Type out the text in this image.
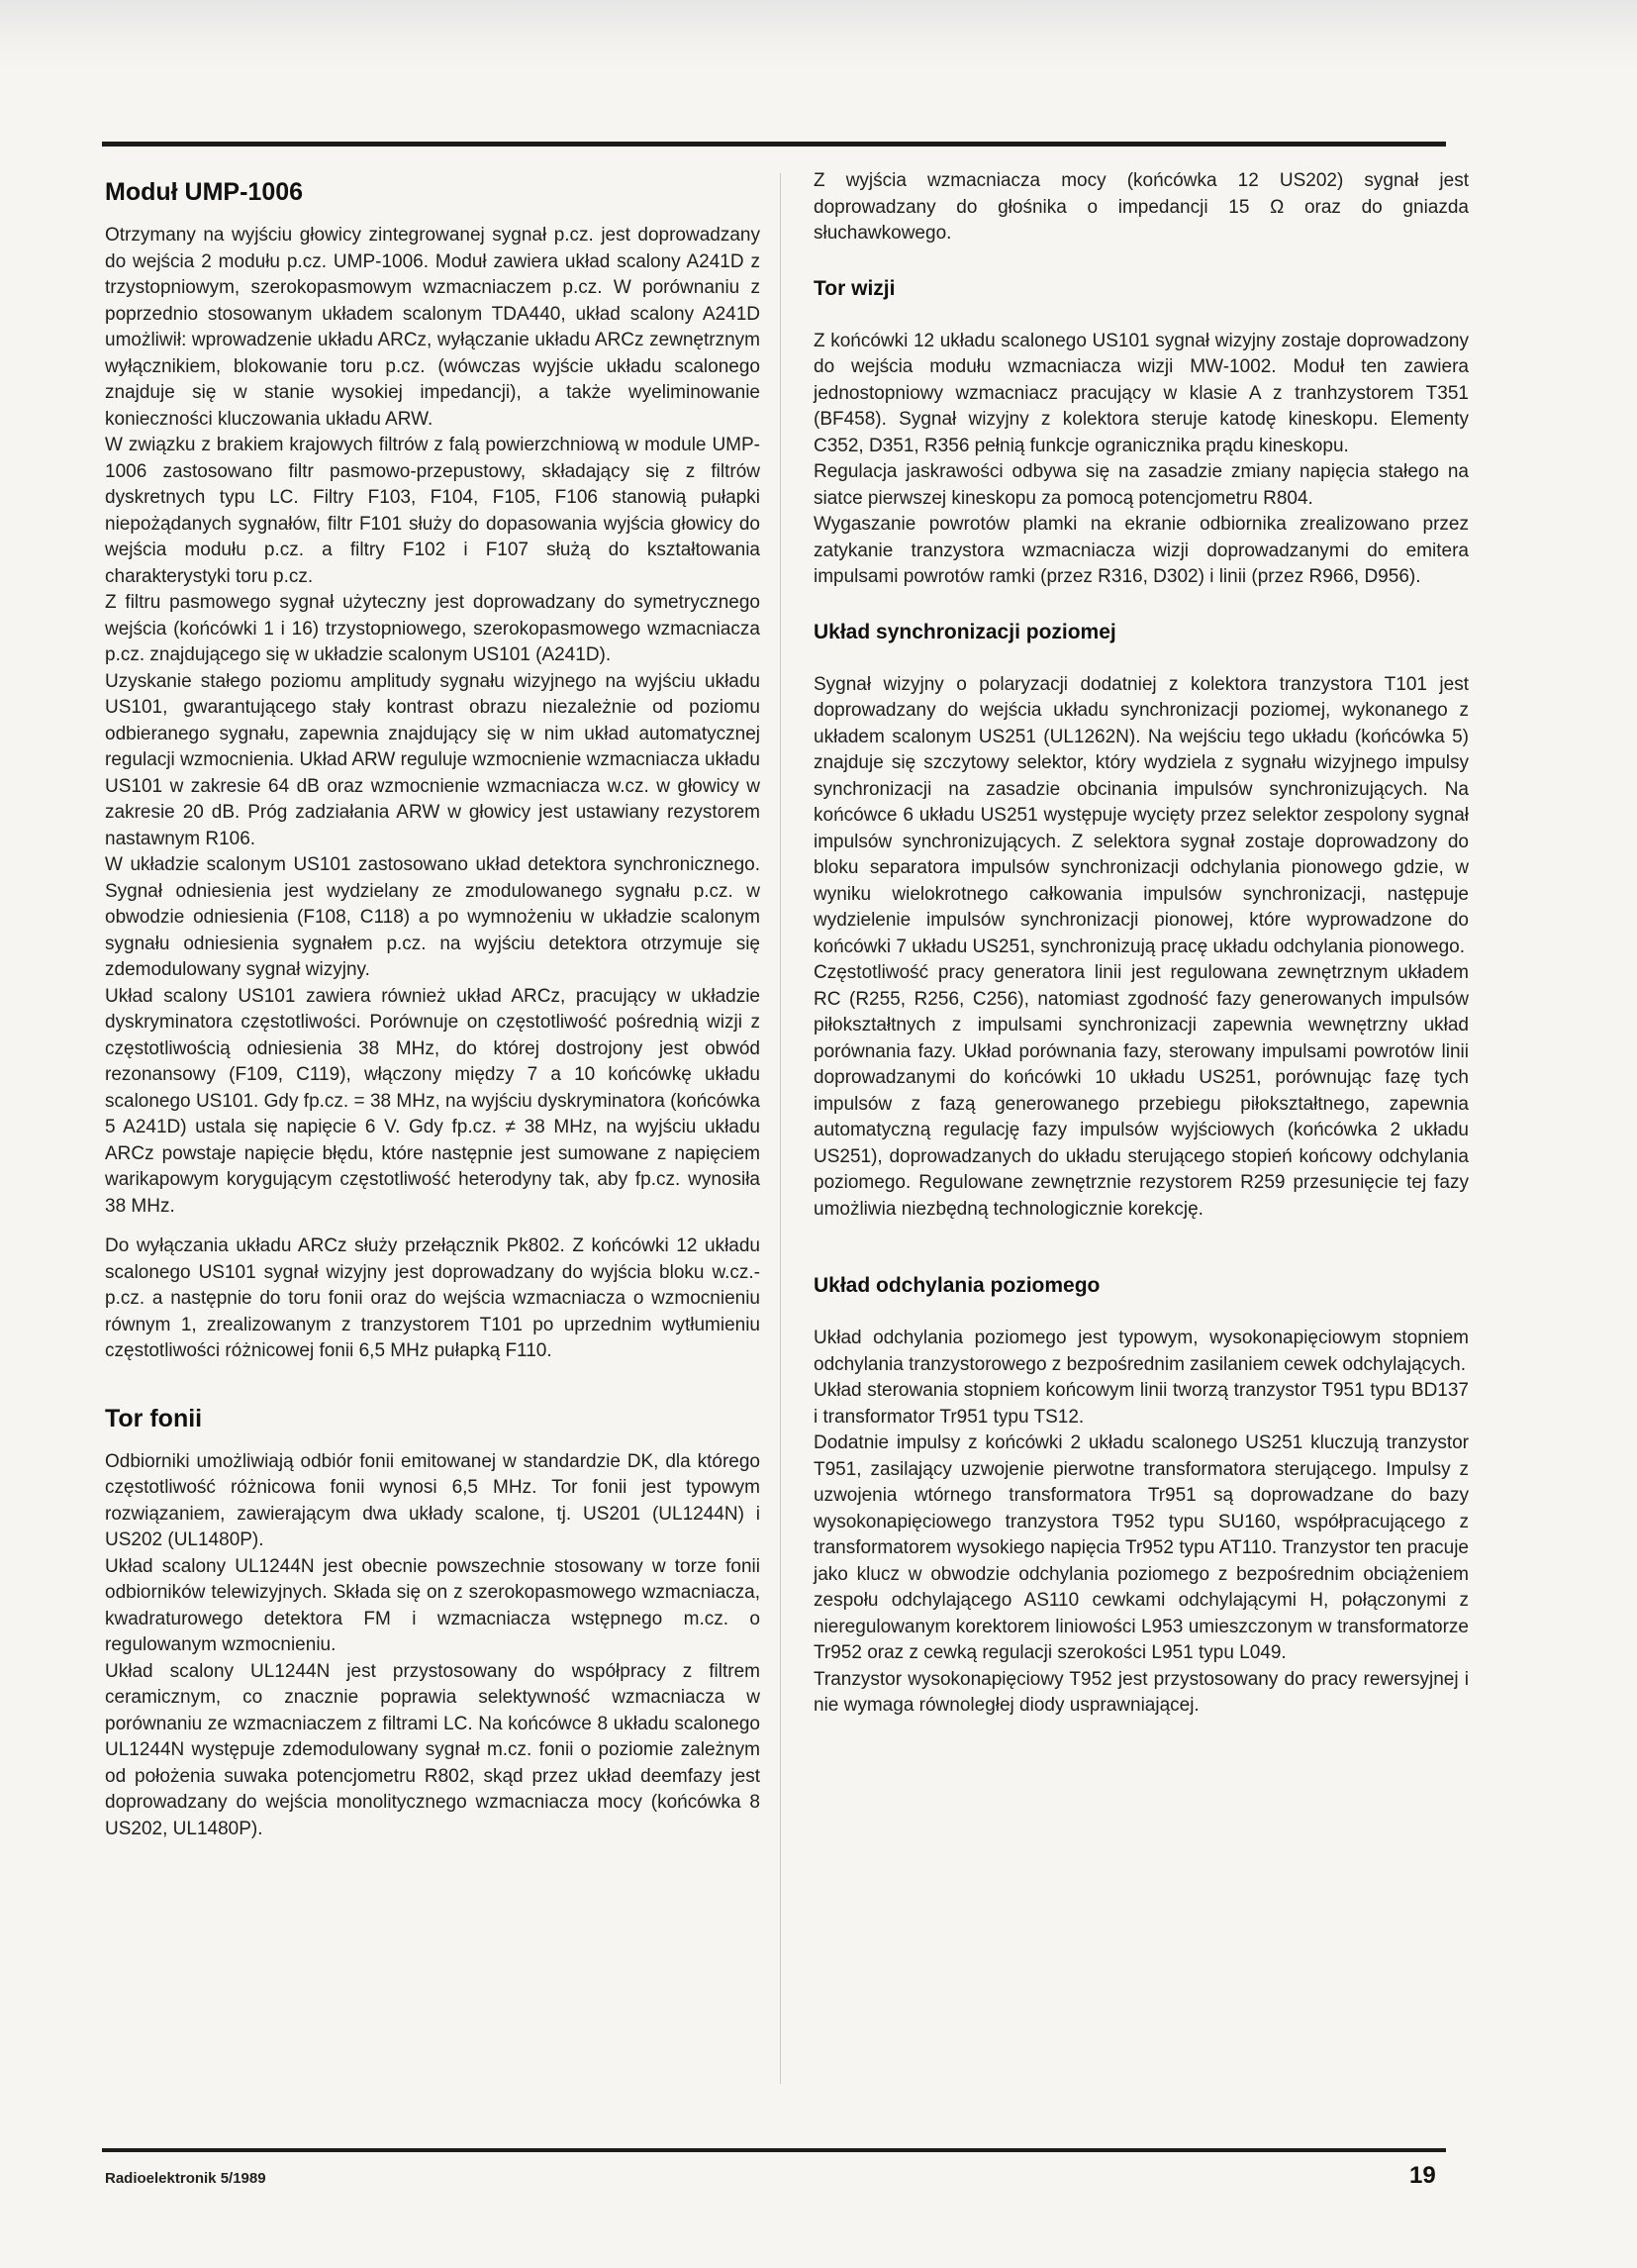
Moduł UMP-1006

Otrzymany na wyjściu głowicy zintegrowanej sygnał p.cz. jest doprowadzany do wejścia 2 modułu p.cz. UMP-1006. Moduł zawiera układ scalony A241D z trzystopniowym, szerokopasmowym wzmacniaczem p.cz. W porównaniu z poprzednio stosowanym układem scalonym TDA440, układ scalony A241D umożliwił: wprowadzenie układu ARCz, wyłączanie układu ARCz zewnętrznym wyłącznikiem, blokowanie toru p.cz. (wówczas wyjście układu scalonego znajduje się w stanie wysokiej impedancji), a także wyeliminowanie konieczności kluczowania układu ARW.

W związku z brakiem krajowych filtrów z falą powierzchniową w module UMP-1006 zastosowano filtr pasmowo-przepustowy, składający się z filtrów dyskretnych typu LC. Filtry F103, F104, F105, F106 stanowią pułapki niepożądanych sygnałów, filtr F101 służy do dopasowania wyjścia głowicy do wejścia modułu p.cz. a filtry F102 i F107 służą do kształtowania charakterystyki toru p.cz.

Z filtru pasmowego sygnał użyteczny jest doprowadzany do symetrycznego wejścia (końcówki 1 i 16) trzystopniowego, szerokopasmowego wzmacniacza p.cz. znajdującego się w układzie scalonym US101 (A241D).

Uzyskanie stałego poziomu amplitudy sygnału wizyjnego na wyjściu układu US101, gwarantującego stały kontrast obrazu niezależnie od poziomu odbieranego sygnału, zapewnia znajdujący się w nim układ automatycznej regulacji wzmocnienia. Układ ARW reguluje wzmocnienie wzmacniacza układu US101 w zakresie 64 dB oraz wzmocnienie wzmacniacza w.cz. w głowicy w zakresie 20 dB. Próg zadziałania ARW w głowicy jest ustawiany rezystorem nastawnym R106.

W układzie scalonym US101 zastosowano układ detektora synchronicznego. Sygnał odniesienia jest wydzielany ze zmodulowanego sygnału p.cz. w obwodzie odniesienia (F108, C118) a po wymnożeniu w układzie scalonym sygnału odniesienia sygnałem p.cz. na wyjściu detektora otrzymuje się zdemodulowany sygnał wizyjny.

Układ scalony US101 zawiera również układ ARCz, pracujący w układzie dyskryminatora częstotliwości. Porównuje on częstotliwość pośrednią wizji z częstotliwością odniesienia 38 MHz, do której dostrojony jest obwód rezonansowy (F109, C119), włączony między 7 a 10 końcówkę układu scalonego US101. Gdy fp.cz. = 38 MHz, na wyjściu dyskryminatora (końcówka 5 A241D) ustala się napięcie 6 V. Gdy fp.cz. ≠ 38 MHz, na wyjściu układu ARCz powstaje napięcie błędu, które następnie jest sumowane z napięciem warikapowym korygującym częstotliwość heterodyny tak, aby fp.cz. wynosiła 38 MHz.

Do wyłączania układu ARCz służy przełącznik Pk802. Z końcówki 12 układu scalonego US101 sygnał wizyjny jest doprowadzany do wyjścia bloku w.cz.-p.cz. a następnie do toru fonii oraz do wejścia wzmacniacza o wzmocnieniu równym 1, zrealizowanym z tranzystorem T101 po uprzednim wytłumieniu częstotliwości różnicowej fonii 6,5 MHz pułapką F110.

Tor fonii

Odbiorniki umożliwiają odbiór fonii emitowanej w standardzie DK, dla którego częstotliwość różnicowa fonii wynosi 6,5 MHz. Tor fonii jest typowym rozwiązaniem, zawierającym dwa układy scalone, tj. US201 (UL1244N) i US202 (UL1480P).

Układ scalony UL1244N jest obecnie powszechnie stosowany w torze fonii odbiorników telewizyjnych. Składa się on z szerokopasmowego wzmacniacza, kwadraturowego detektora FM i wzmacniacza wstępnego m.cz. o regulowanym wzmocnieniu.

Układ scalony UL1244N jest przystosowany do współpracy z filtrem ceramicznym, co znacznie poprawia selektywność wzmacniacza w porównaniu ze wzmacniaczem z filtrami LC. Na końcówce 8 układu scalonego UL1244N występuje zdemodulowany sygnał m.cz. fonii o poziomie zależnym od położenia suwaka potencjometru R802, skąd przez układ deemfazy jest doprowadzany do wejścia monolitycznego wzmacniacza mocy (końcówka 8 US202, UL1480P).

Z wyjścia wzmacniacza mocy (końcówka 12 US202) sygnał jest doprowadzany do głośnika o impedancji 15 Ω oraz do gniazda słuchawkowego.

Tor wizji

Z końcówki 12 układu scalonego US101 sygnał wizyjny zostaje doprowadzony do wejścia modułu wzmacniacza wizji MW-1002. Moduł ten zawiera jednostopniowy wzmacniacz pracujący w klasie A z tranhzystorem T351 (BF458). Sygnał wizyjny z kolektora steruje katodę kineskopu. Elementy C352, D351, R356 pełnią funkcje ogranicznika prądu kineskopu.

Regulacja jaskrawości odbywa się na zasadzie zmiany napięcia stałego na siatce pierwszej kineskopu za pomocą potencjometru R804.

Wygaszanie powrotów plamki na ekranie odbiornika zrealizowano przez zatykanie tranzystora wzmacniacza wizji doprowadzanymi do emitera impulsami powrotów ramki (przez R316, D302) i linii (przez R966, D956).

Układ synchronizacji poziomej

Sygnał wizyjny o polaryzacji dodatniej z kolektora tranzystora T101 jest doprowadzany do wejścia układu synchronizacji poziomej, wykonanego z układem scalonym US251 (UL1262N). Na wejściu tego układu (końcówka 5) znajduje się szczytowy selektor, który wydziela z sygnału wizyjnego impulsy synchronizacji na zasadzie obcinania impulsów synchronizujących. Na końcówce 6 układu US251 występuje wycięty przez selektor zespolony sygnał impulsów synchronizujących. Z selektora sygnał zostaje doprowadzony do bloku separatora impulsów synchronizacji odchylania pionowego gdzie, w wyniku wielokrotnego całkowania impulsów synchronizacji, następuje wydzielenie impulsów synchronizacji pionowej, które wyprowadzone do końcówki 7 układu US251, synchronizują pracę układu odchylania pionowego.

Częstotliwość pracy generatora linii jest regulowana zewnętrznym układem RC (R255, R256, C256), natomiast zgodność fazy generowanych impulsów piłokształtnych z impulsami synchronizacji zapewnia wewnętrzny układ porównania fazy. Układ porównania fazy, sterowany impulsami powrotów linii doprowadzanymi do końcówki 10 układu US251, porównując fazę tych impulsów z fazą generowanego przebiegu piłokształtnego, zapewnia automatyczną regulację fazy impulsów wyjściowych (końcówka 2 układu US251), doprowadzanych do układu sterującego stopień końcowy odchylania poziomego. Regulowane zewnętrznie rezystorem R259 przesunięcie tej fazy umożliwia niezbędną technologicznie korekcję.

Układ odchylania poziomego

Układ odchylania poziomego jest typowym, wysokonapięciowym stopniem odchylania tranzystorowego z bezpośrednim zasilaniem cewek odchylających.

Układ sterowania stopniem końcowym linii tworzą tranzystor T951 typu BD137 i transformator Tr951 typu TS12.

Dodatnie impulsy z końcówki 2 układu scalonego US251 kluczują tranzystor T951, zasilający uzwojenie pierwotne transformatora sterującego. Impulsy z uzwojenia wtórnego transformatora Tr951 są doprowadzane do bazy wysokonapięciowego tranzystora T952 typu SU160, współpracującego z transformatorem wysokiego napięcia Tr952 typu AT110. Tranzystor ten pracuje jako klucz w obwodzie odchylania poziomego z bezpośrednim obciążeniem zespołu odchylającego AS110 cewkami odchylającymi H, połączonymi z nieregulowanym korektorem liniowości L953 umieszczonym w transformatorze Tr952 oraz z cewką regulacji szerokości L951 typu L049.

Tranzystor wysokonapięciowy T952 jest przystosowany do pracy rewersyjnej i nie wymaga równoległej diody usprawniającej.

Radioelektronik 5/1989	19
